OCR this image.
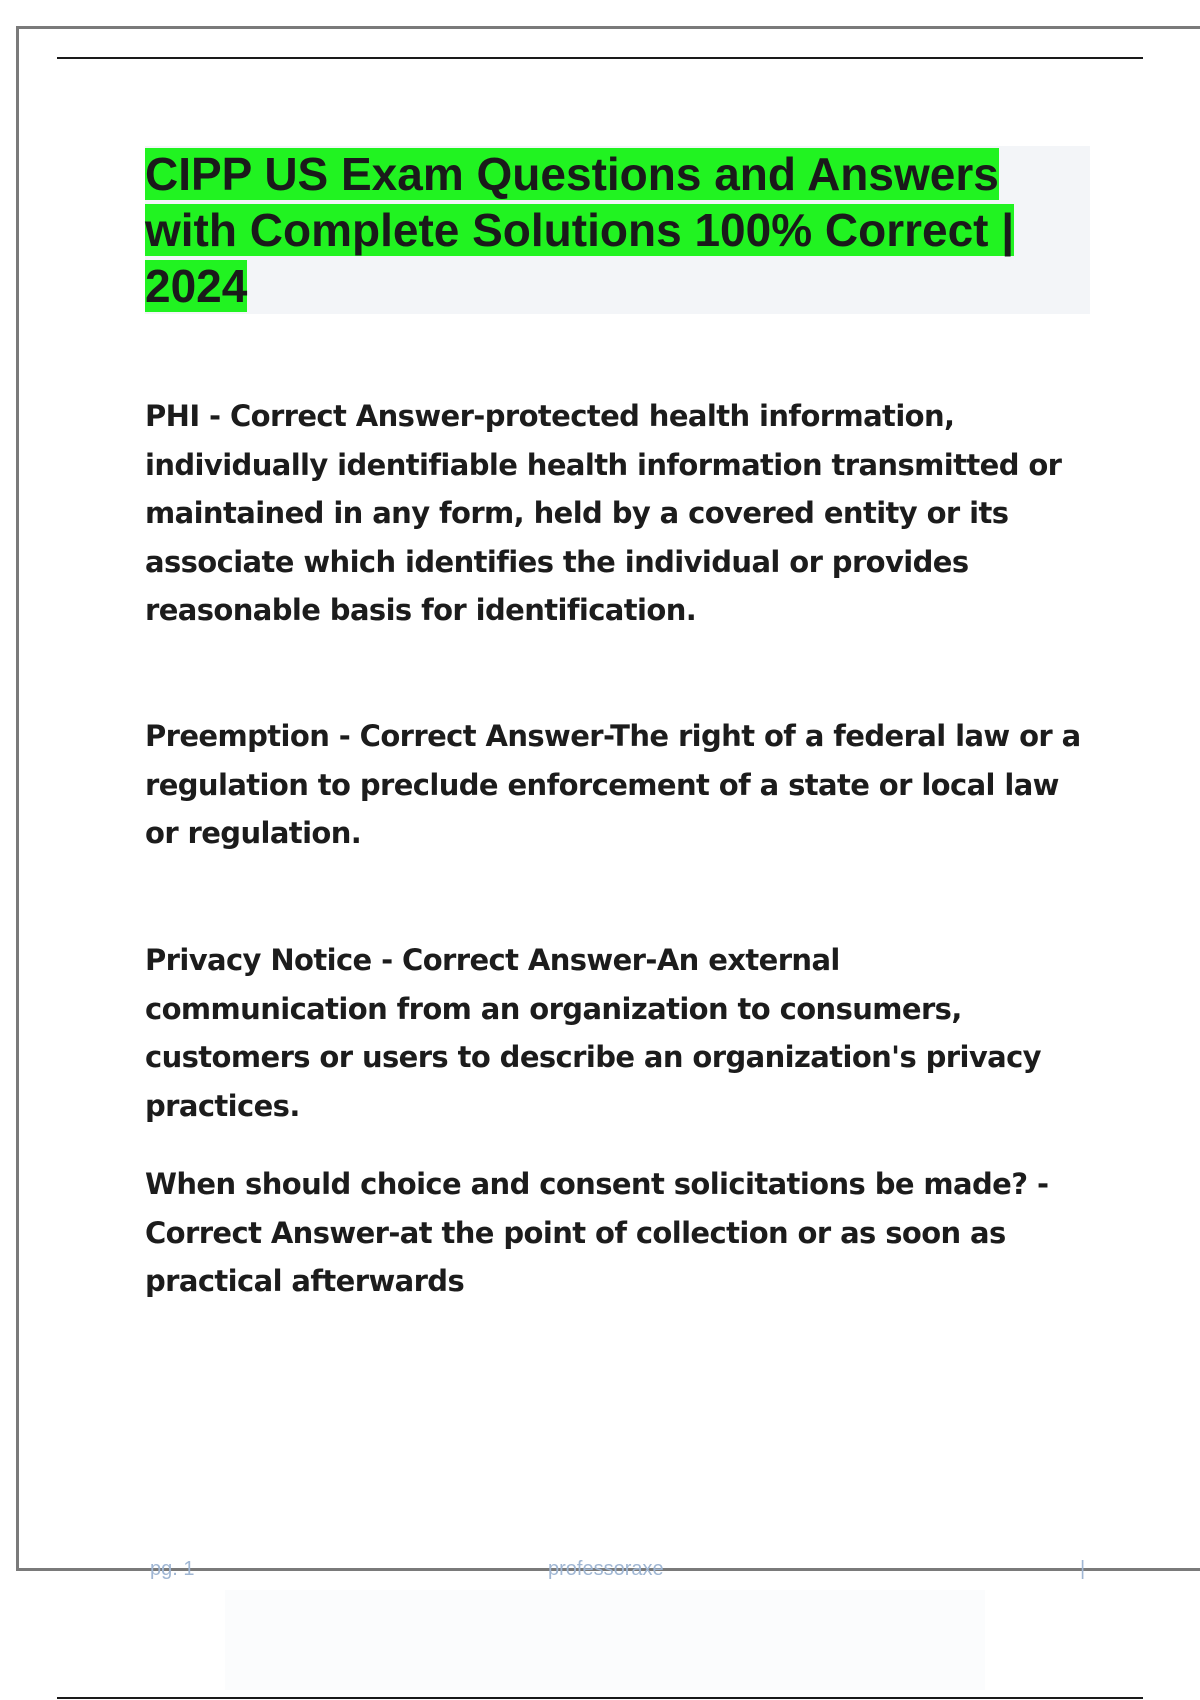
CIPP US Exam Questions and Answers with Complete Solutions 100% Correct | 2024

PHI - Correct Answer-protected health information, individually identifiable health information transmitted or maintained in any form, held by a covered entity or its associate which identifies the individual or provides reasonable basis for identification.

Preemption - Correct Answer-The right of a federal law or a regulation to preclude enforcement of a state or local law or regulation.

Privacy Notice - Correct Answer-An external communication from an organization to consumers, customers or users to describe an organization's privacy practices.

When should choice and consent solicitations be made? - Correct Answer-at the point of collection or as soon as practical afterwards

pg. 1	professoraxe	|
